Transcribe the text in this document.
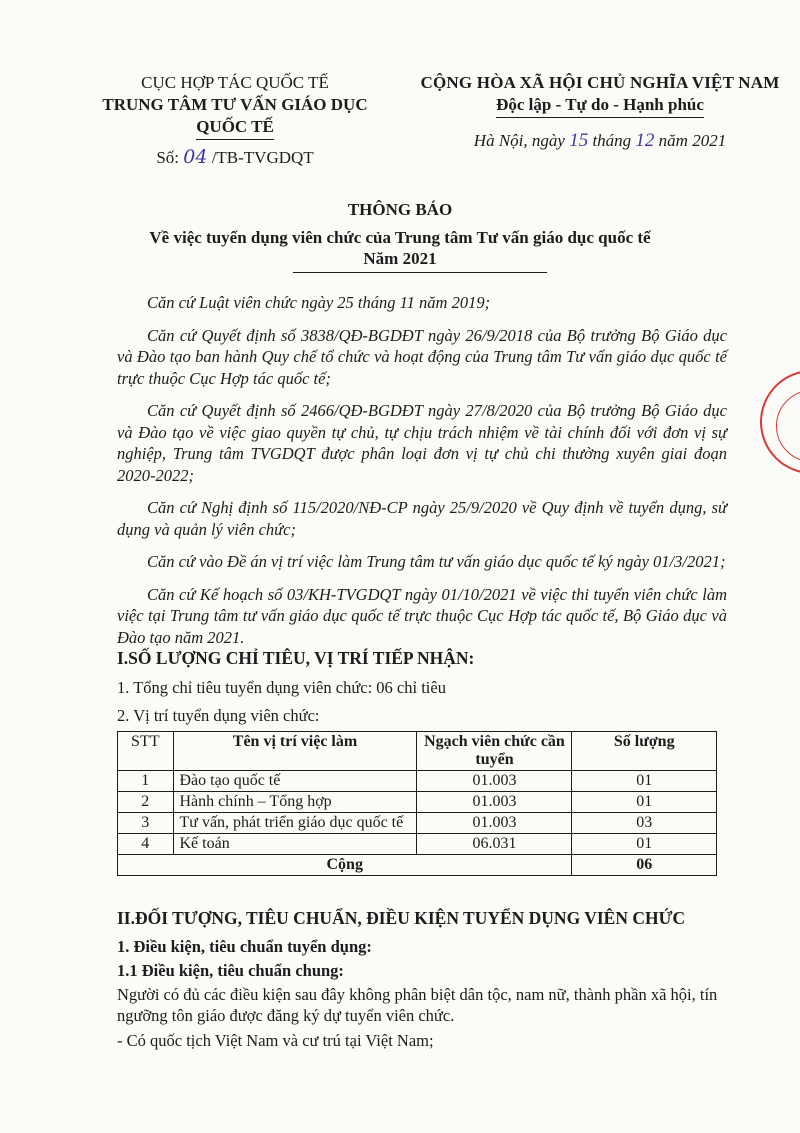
CỤC HỢP TÁC QUỐC TẾ
TRUNG TÂM TƯ VẤN GIÁO DỤC
QUỐC TẾ
Số: 04 /TB-TVGDQT
CỘNG HÒA XÃ HỘI CHỦ NGHĨA VIỆT NAM
Độc lập - Tự do - Hạnh phúc
Hà Nội, ngày 15 tháng 12 năm 2021
THÔNG BÁO
Về việc tuyển dụng viên chức của Trung tâm Tư vấn giáo dục quốc tế
Năm 2021

Căn cứ Luật viên chức ngày 25 tháng 11 năm 2019;

Căn cứ Quyết định số 3838/QĐ-BGDĐT ngày 26/9/2018 của Bộ trưởng Bộ Giáo dục và Đào tạo ban hành Quy chế tổ chức và hoạt động của Trung tâm Tư vấn giáo dục quốc tế trực thuộc Cục Hợp tác quốc tế;

Căn cứ Quyết định số 2466/QĐ-BGDĐT ngày 27/8/2020 của Bộ trưởng Bộ Giáo dục và Đào tạo về việc giao quyền tự chủ, tự chịu trách nhiệm về tài chính đối với đơn vị sự nghiệp, Trung tâm TVGDQT được phân loại đơn vị tự chủ chi thường xuyên giai đoạn 2020-2022;

Căn cứ Nghị định số 115/2020/NĐ-CP ngày 25/9/2020 về Quy định về tuyển dụng, sử dụng và quản lý viên chức;

Căn cứ vào Đề án vị trí việc làm Trung tâm tư vấn giáo dục quốc tế ký ngày 01/3/2021;

Căn cứ Kế hoạch số 03/KH-TVGDQT ngày 01/10/2021 về việc thi tuyển viên chức làm việc tại Trung tâm tư vấn giáo dục quốc tế trực thuộc Cục Hợp tác quốc tế, Bộ Giáo dục và Đào tạo năm 2021.

I.SỐ LƯỢNG CHỈ TIÊU, VỊ TRÍ TIẾP NHẬN:
1. Tổng chỉ tiêu tuyển dụng viên chức: 06 chỉ tiêu
2. Vị trí tuyển dụng viên chức:
STT	Tên vị trí việc làm	Ngạch viên chức cần tuyển	Số lượng
1	Đào tạo quốc tế	01.003	01
2	Hành chính – Tổng hợp	01.003	01
3	Tư vấn, phát triển giáo dục quốc tế	01.003	03
4	Kế toán	06.031	01
Cộng			06
II.ĐỐI TƯỢNG, TIÊU CHUẨN, ĐIỀU KIỆN TUYỂN DỤNG VIÊN CHỨC
1. Điều kiện, tiêu chuẩn tuyển dụng:
1.1 Điều kiện, tiêu chuẩn chung:

Người có đủ các điều kiện sau đây không phân biệt dân tộc, nam nữ, thành phần xã hội, tín ngưỡng tôn giáo được đăng ký dự tuyển viên chức.

- Có quốc tịch Việt Nam và cư trú tại Việt Nam;
